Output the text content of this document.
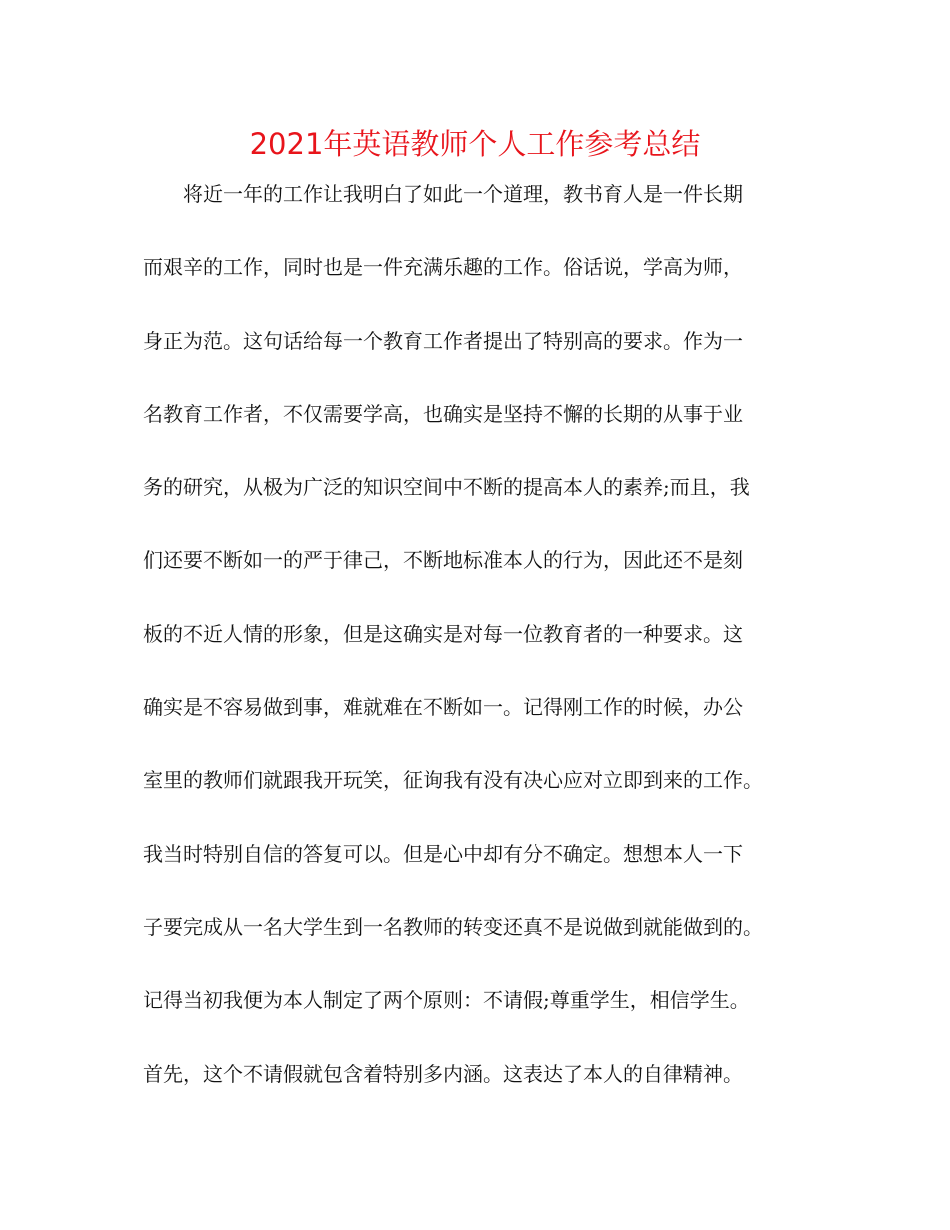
2021年英语教师个人工作参考总结
将近一年的工作让我明白了如此一个道理，教书育人是一件长期
而艰辛的工作，同时也是一件充满乐趣的工作。俗话说，学高为师，
身正为范。这句话给每一个教育工作者提出了特别高的要求。作为一
名教育工作者，不仅需要学高，也确实是坚持不懈的长期的从事于业
务的研究，从极为广泛的知识空间中不断的提高本人的素养;而且，我
们还要不断如一的严于律己，不断地标准本人的行为，因此还不是刻
板的不近人情的形象，但是这确实是对每一位教育者的一种要求。这
确实是不容易做到事，难就难在不断如一。记得刚工作的时候，办公
室里的教师们就跟我开玩笑，征询我有没有决心应对立即到来的工作。
我当时特别自信的答复可以。但是心中却有分不确定。想想本人一下
子要完成从一名大学生到一名教师的转变还真不是说做到就能做到的。
记得当初我便为本人制定了两个原则：不请假;尊重学生，相信学生。
首先，这个不请假就包含着特别多内涵。这表达了本人的自律精神。
